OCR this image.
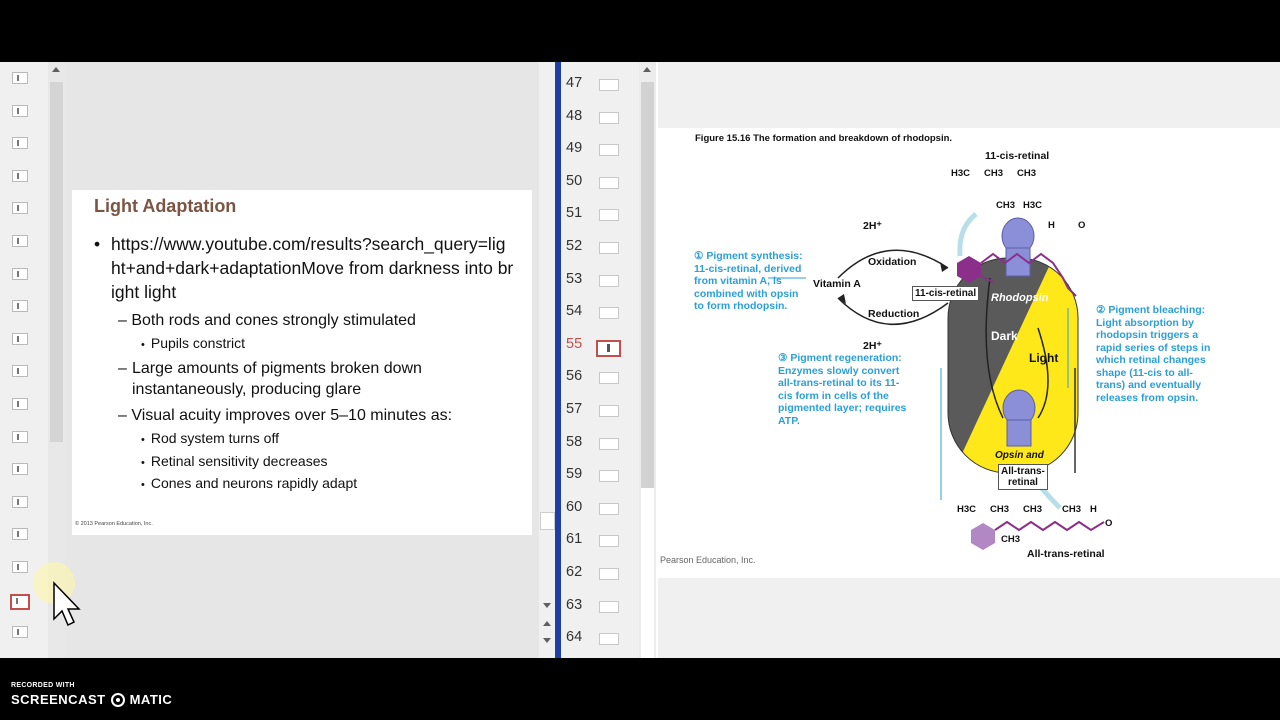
Light Adaptation
• https://www.youtube.com/results?search_query=light+and+dark+adaptationMove from darkness into bright light
– Both rods and cones strongly stimulated
• Pupils constrict
– Large amounts of pigments broken down instantaneously, producing glare
– Visual acuity improves over 5–10 minutes as:
• Rod system turns off
• Retinal sensitivity decreases
• Cones and neurons rapidly adapt
© 2013 Pearson Education, Inc.
47
48
49
50
51
52
53
54
55
56
57
58
59
60
61
62
63
64
Figure 15.16 The formation and breakdown of rhodopsin.
11-cis-retinal
H3C CH3 CH3
CH3 H3C
H O
2H⁺
Oxidation
Vitamin A
Reduction
2H⁺
11-cis-retinal Rhodopsin
Dark
Light
Opsin and
All-trans-
retinal
H3C CH3 CH3 CH3 H
O
CH3
All-trans-retinal
① Pigment synthesis:
11-cis-retinal, derived
from vitamin A, is
combined with opsin
to form rhodopsin.	② Pigment bleaching:
Light absorption by
rhodopsin triggers a
rapid series of steps in
which retinal changes
shape (11-cis to all-
trans) and eventually
releases from opsin.
③ Pigment regeneration:
Enzymes slowly convert
all-trans-retinal to its 11-
cis form in cells of the
pigmented layer; requires
ATP.
Pearson Education, Inc.
RECORDED WITH
SCREENCAST MATIC
